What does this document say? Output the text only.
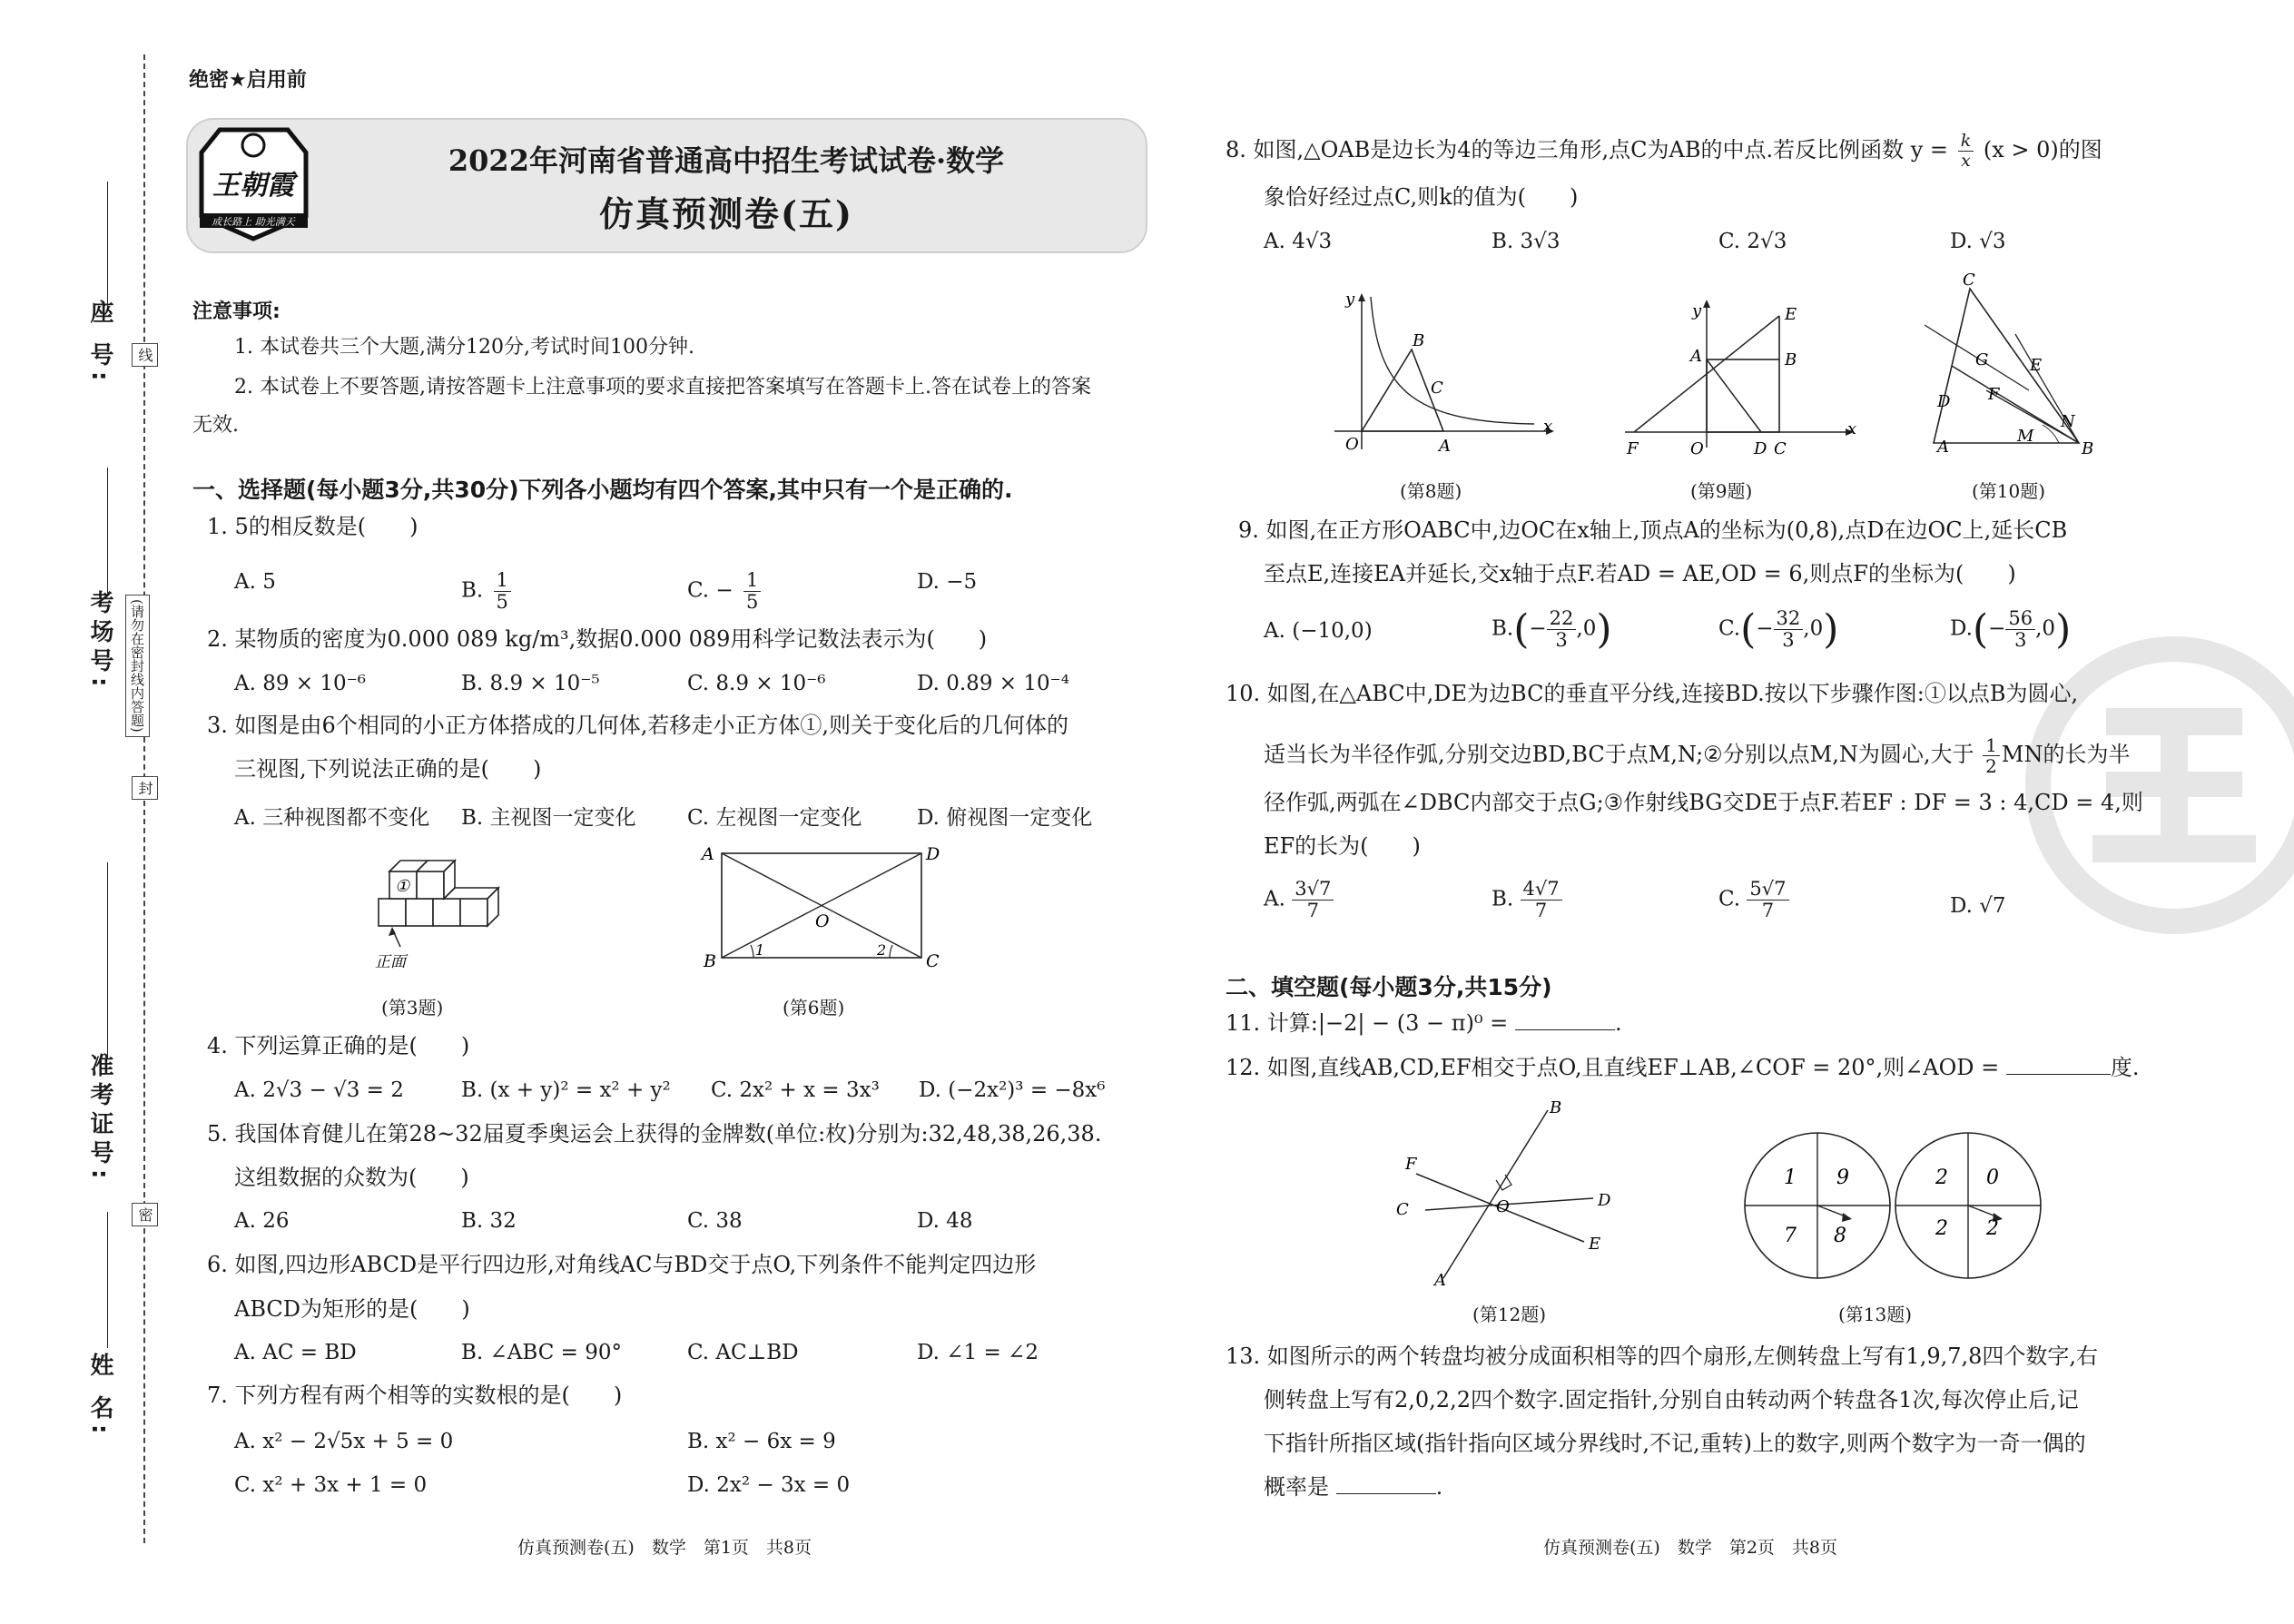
座 号:
考场号:
准考证号:
姓 名:
线
(请勿在密封线内答题)
封
密
绝密★启用前
王朝霞
成长路上 助光满天
2022年河南省普通高中招生考试试卷·数学
仿真预测卷(五)
注意事项:
1. 本试卷共三个大题,满分120分,考试时间100分钟.
2. 本试卷上不要答题,请按答题卡上注意事项的要求直接把答案填写在答题卡上.答在试卷上的答案
无效.
一、选择题(每小题3分,共30分)下列各小题均有四个答案,其中只有一个是正确的.
1. 5的相反数是(　　)
A. 5	B. $\frac{1}{5}$	C. − $\frac{1}{5}$	D. −5
2. 某物质的密度为0.000 089 kg/m³,数据0.000 089用科学记数法表示为(　　)
A. 89 × 10⁻⁶	B. 8.9 × 10⁻⁵	C. 8.9 × 10⁻⁶	D. 0.89 × 10⁻⁴
3. 如图是由6个相同的小正方体搭成的几何体,若移走小正方体①,则关于变化后的几何体的
三视图,下列说法正确的是(　　)
A. 三种视图都不变化 B. 主视图一定变化 C. 左视图一定变化	D. 俯视图一定变化
①
正面
(第3题)
A	D
B	C
O
1	2
(第6题)
4. 下列运算正确的是(　　)
A. 2√3 − √3 = 2	B. (x + y)² = x² + y² C. 2x² + x = 3x³ D. (−2x²)³ = −8x⁶
5. 我国体育健儿在第28~32届夏季奥运会上获得的金牌数(单位:枚)分别为:32,48,38,26,38.
这组数据的众数为(　　)
A. 26	B. 32	C. 38	D. 48
6. 如图,四边形ABCD是平行四边形,对角线AC与BD交于点O,下列条件不能判定四边形
ABCD为矩形的是(　　)
A. AC = BD	B. ∠ABC = 90°	C. AC⊥BD	D. ∠1 = ∠2
7. 下列方程有两个相等的实数根的是(　　)
A. x² − 2√5x + 5 = 0	B. x² − 6x = 9
C. x² + 3x + 1 = 0	D. 2x² − 3x = 0
仿真预测卷(五)　数学　第1页　共8页
8. 如图,△OAB是边长为4的等边三角形,点C为AB的中点.若反比例函数 $y = \frac{k}{x} (x > 0)$的图
象恰好经过点C,则k的值为(　　)
A. 4√3	B. 3√3	C. 2√3	D. √3
y
x
O	A
B
C
(第8题)
y
x
E
A	B
F	O	D C
(第9题)
C
G	E
D F
N
A
M
B
(第10题)
9. 如图,在正方形OABC中,边OC在x轴上,顶点A的坐标为(0,8),点D在边OC上,延长CB
至点E,连接EA并延长,交x轴于点F.若AD = AE,OD = 6,则点F的坐标为(　　)
A. (−10,0)	$B.(- \frac{22}{3} ,0)$	$C.(- \frac{32}{3} ,0)$	$D.(- \frac{56}{3} ,0)$
10. 如图,在△ABC中,DE为边BC的垂直平分线,连接BD.按以下步骤作图:①以点B为圆心,
适当长为半径作弧,分别交边BD,BC于点M,N;②分别以点M,N为圆心,大于 $\frac{1}{2}$ MN的长为半
径作弧,两弧在∠DBC内部交于点G;③作射线BG交DE于点F.若EF : DF = 3 : 4,CD = 4,则
EF的长为(　　)
A. $\frac{3√7}{7}$	B. $\frac{4√7}{7}$	C. $\frac{5√7}{7}$	D. √7
二、填空题(每小题3分,共15分)
11. 计算:|−2| − (3 − π)⁰ =	.
12. 如图,直线AB,CD,EF相交于点O,且直线EF⊥AB,∠COF = 20°,则∠AOD =	度.
B
F
C	O	D
E
A
(第12题)
1 9
7 8
2 0
2 2
(第13题)
13. 如图所示的两个转盘均被分成面积相等的四个扇形,左侧转盘上写有1,9,7,8四个数字,右
侧转盘上写有2,0,2,2四个数字.固定指针,分别自由转动两个转盘各1次,每次停止后,记
下指针所指区域(指针指向区域分界线时,不记,重转)上的数字,则两个数字为一奇一偶的
概率是	.
仿真预测卷(五)　数学　第2页　共8页
